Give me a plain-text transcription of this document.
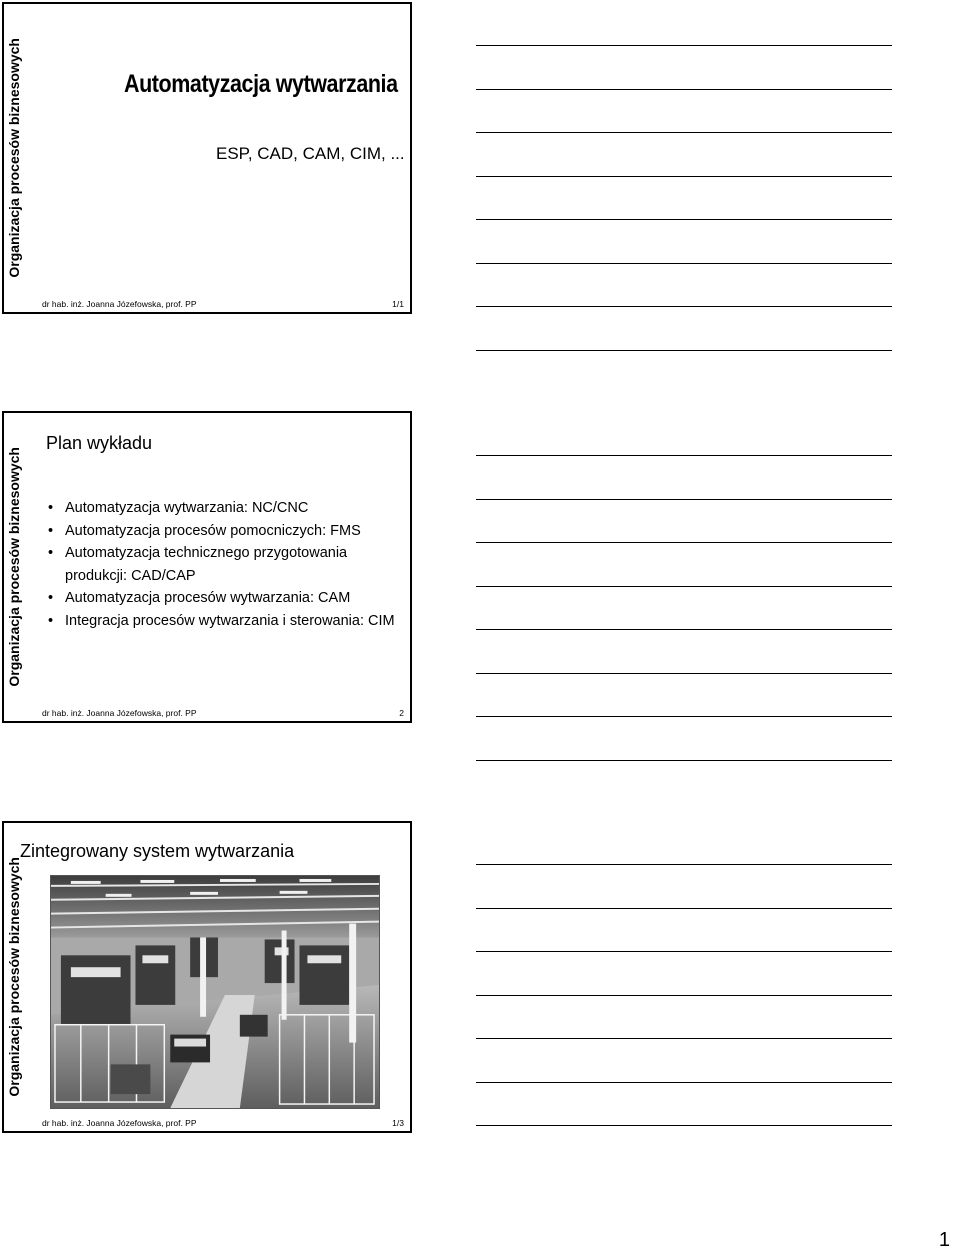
Organizacja procesów biznesowych	Automatyzacja wytwarzania
ESP, CAD, CAM, CIM, ...
dr hab. inż. Joanna Józefowska, prof. PP	1/1
Organizacja procesów biznesowych
Plan wykładu
• Automatyzacja wytwarzania: NC/CNC
• Automatyzacja procesów pomocniczych: FMS
• Automatyzacja technicznego przygotowania produkcji: CAD/CAP
• Automatyzacja procesów wytwarzania: CAM
• Integracja procesów wytwarzania i sterowania: CIM
dr hab. inż. Joanna Józefowska, prof. PP	2
Organizacja procesów biznesowych
Zintegrowany system wytwarzania
dr hab. inż. Joanna Józefowska, prof. PP	1/3
1
